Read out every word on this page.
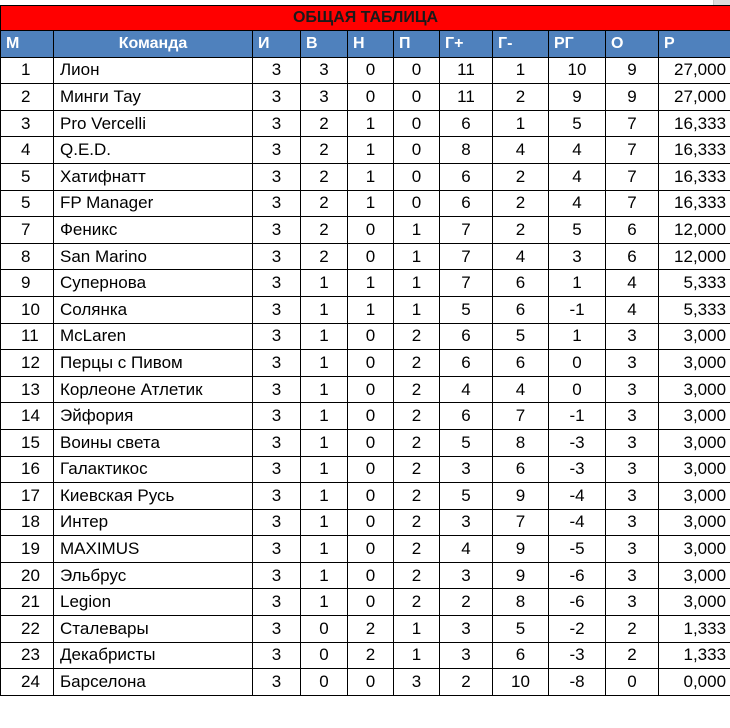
ОБЩАЯ ТАБЛИЦА										
М	Команда	И	В	Н	П	Г+	Г-	РГ	О	Р
1	Лион	3	3	0	0	11	1	10	9	27,000
2	Минги Тау	3	3	0	0	11	2	9	9	27,000
3	Pro Vercelli	3	2	1	0	6	1	5	7	16,333
4	Q.E.D.	3	2	1	0	8	4	4	7	16,333
5	Хатифнатт	3	2	1	0	6	2	4	7	16,333
5	FP Manager	3	2	1	0	6	2	4	7	16,333
7	Феникс	3	2	0	1	7	2	5	6	12,000
8	San Marino	3	2	0	1	7	4	3	6	12,000
9	Супернова	3	1	1	1	7	6	1	4	5,333
10	Солянка	3	1	1	1	5	6	-1	4	5,333
11	McLaren	3	1	0	2	6	5	1	3	3,000
12	Перцы с Пивом	3	1	0	2	6	6	0	3	3,000
13	Корлеоне Атлетик	3	1	0	2	4	4	0	3	3,000
14	Эйфория	3	1	0	2	6	7	-1	3	3,000
15	Воины света	3	1	0	2	5	8	-3	3	3,000
16	Галактикос	3	1	0	2	3	6	-3	3	3,000
17	Киевская Русь	3	1	0	2	5	9	-4	3	3,000
18	Интер	3	1	0	2	3	7	-4	3	3,000
19	MAXIMUS	3	1	0	2	4	9	-5	3	3,000
20	Эльбрус	3	1	0	2	3	9	-6	3	3,000
21	Legion	3	1	0	2	2	8	-6	3	3,000
22	Сталевары	3	0	2	1	3	5	-2	2	1,333
23	Декабристы	3	0	2	1	3	6	-3	2	1,333
24	Барселона	3	0	0	3	2	10	-8	0	0,000
